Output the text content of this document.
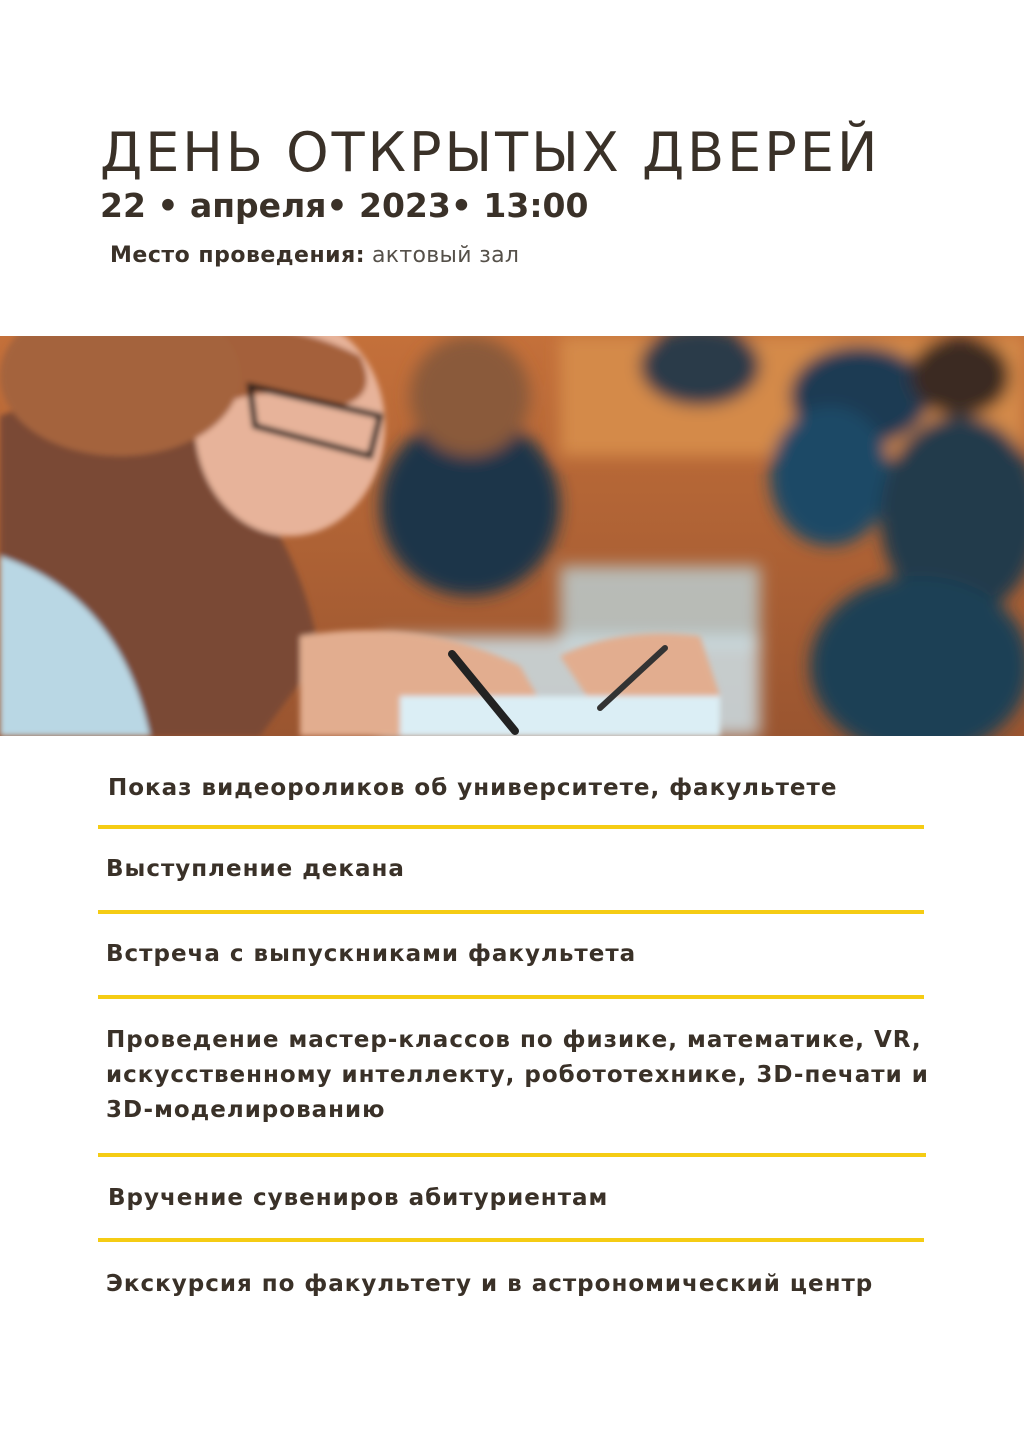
ДЕНЬ ОТКРЫТЫХ ДВЕРЕЙ
22 • апреля• 2023• 13:00
Место проведения: актовый зал
Показ видеороликов об университете, факультете
Выступление декана
Встреча с выпускниками факультета
Проведение мастер-классов по физике, математике, VR, искусственному интеллекту, робототехнике, 3D-печати и 3D-моделированию
Вручение сувениров абитуриентам
Экскурсия по факультету и в астрономический центр
